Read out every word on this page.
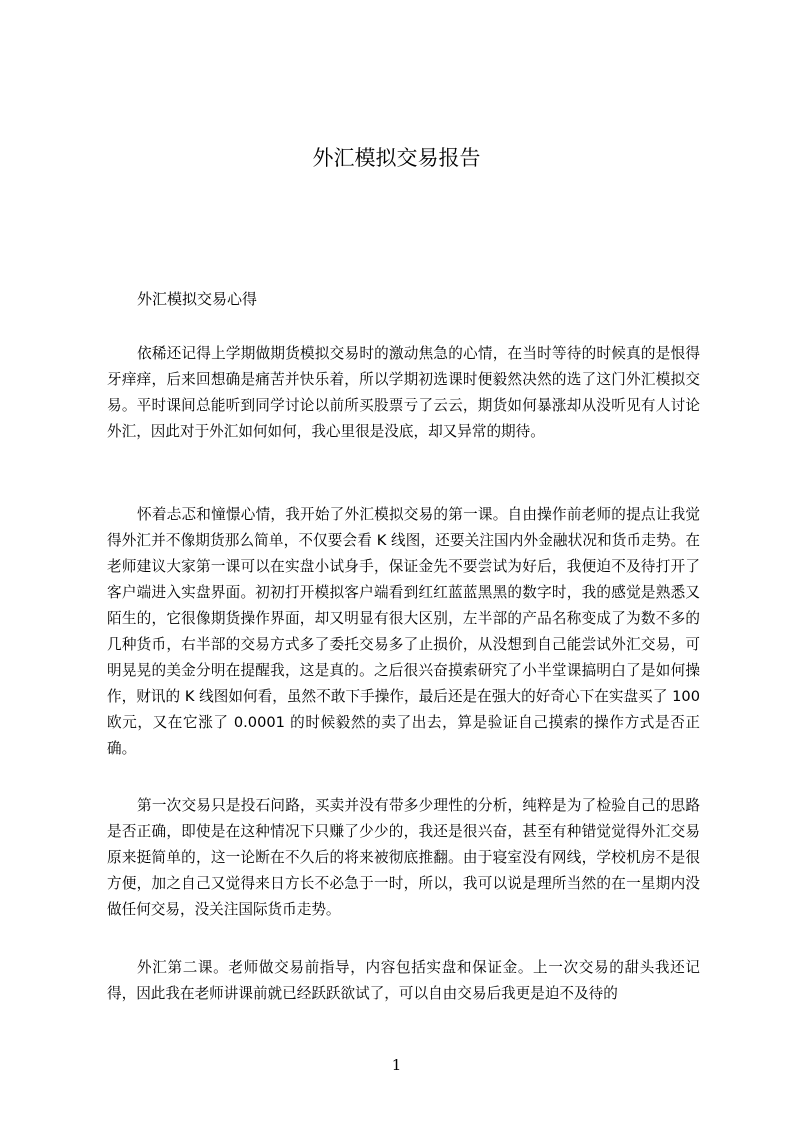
外汇模拟交易报告

外汇模拟交易心得

依稀还记得上学期做期货模拟交易时的激动焦急的心情，在当时等待的时候真的是恨得牙痒痒，后来回想确是痛苦并快乐着，所以学期初选课时便毅然决然的选了这门外汇模拟交易。平时课间总能听到同学讨论以前所买股票亏了云云，期货如何暴涨却从没听见有人讨论外汇，因此对于外汇如何如何，我心里很是没底，却又异常的期待。

怀着忐忑和憧憬心情，我开始了外汇模拟交易的第一课。自由操作前老师的提点让我觉得外汇并不像期货那么简单，不仅要会看 K 线图，还要关注国内外金融状况和货币走势。在老师建议大家第一课可以在实盘小试身手，保证金先不要尝试为好后，我便迫不及待打开了客户端进入实盘界面。初初打开模拟客户端看到红红蓝蓝黑黑的数字时，我的感觉是熟悉又陌生的，它很像期货操作界面，却又明显有很大区别，左半部的产品名称变成了为数不多的几种货币，右半部的交易方式多了委托交易多了止损价，从没想到自己能尝试外汇交易，可明晃晃的美金分明在提醒我，这是真的。之后很兴奋摸索研究了小半堂课搞明白了是如何操作，财讯的 K 线图如何看，虽然不敢下手操作，最后还是在强大的好奇心下在实盘买了 100 欧元，又在它涨了 0.0001 的时候毅然的卖了出去，算是验证自己摸索的操作方式是否正确。

第一次交易只是投石问路，买卖并没有带多少理性的分析，纯粹是为了检验自己的思路是否正确，即使是在这种情况下只赚了少少的，我还是很兴奋，甚至有种错觉觉得外汇交易原来挺简单的，这一论断在不久后的将来被彻底推翻。由于寝室没有网线，学校机房不是很方便，加之自己又觉得来日方长不必急于一时，所以，我可以说是理所当然的在一星期内没做任何交易，没关注国际货币走势。

外汇第二课。老师做交易前指导，内容包括实盘和保证金。上一次交易的甜头我还记得，因此我在老师讲课前就已经跃跃欲试了，可以自由交易后我更是迫不及待的

1
